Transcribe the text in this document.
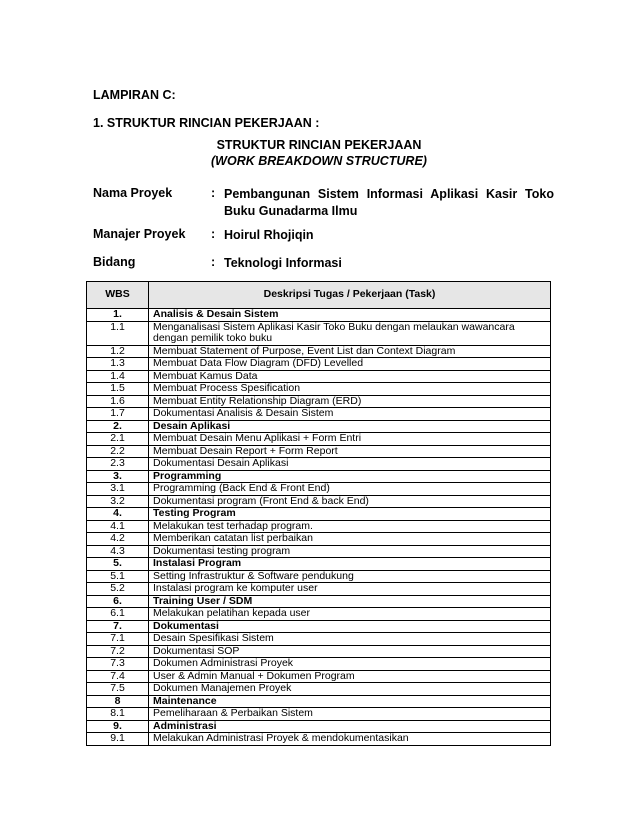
LAMPIRAN C:
1. STRUKTUR RINCIAN PEKERJAAN :
STRUKTUR RINCIAN PEKERJAAN
(WORK BREAKDOWN STRUCTURE)
Nama Proyek	: Pembangunan Sistem Informasi Aplikasi Kasir Toko Buku Gunadarma Ilmu
Manajer Proyek : Hoirul Rhojiqin
Bidang	: Teknologi Informasi
WBS	Deskripsi Tugas / Pekerjaan (Task)
1.	Analisis & Desain Sistem
1.1	Menganalisasi Sistem Aplikasi Kasir Toko Buku dengan melaukan wawancara dengan pemilik toko buku
1.2	Membuat Statement of Purpose, Event List dan Context Diagram
1.3	Membuat Data Flow Diagram (DFD) Levelled
1.4	Membuat Kamus Data
1.5	Membuat Process Spesification
1.6	Membuat Entity Relationship Diagram (ERD)
1.7	Dokumentasi Analisis & Desain Sistem
2.	Desain Aplikasi
2.1	Membuat Desain Menu Aplikasi + Form Entri
2.2	Membuat Desain Report + Form Report
2.3	Dokumentasi Desain Aplikasi
3.	Programming
3.1	Programming (Back End & Front End)
3.2	Dokumentasi program (Front End & back End)
4.	Testing Program
4.1	Melakukan test terhadap program.
4.2	Memberikan catatan list perbaikan
4.3	Dokumentasi testing program
5.	Instalasi Program
5.1	Setting Infrastruktur & Software pendukung
5.2	Instalasi program ke komputer user
6.	Training User / SDM
6.1	Melakukan pelatihan kepada user
7.	Dokumentasi
7.1	Desain Spesifikasi Sistem
7.2	Dokumentasi SOP
7.3	Dokumen Administrasi Proyek
7.4	User & Admin Manual + Dokumen Program
7.5	Dokumen Manajemen Proyek
8	Maintenance
8.1	Pemeliharaan & Perbaikan Sistem
9.	Administrasi
9.1	Melakukan Administrasi Proyek & mendokumentasikan
